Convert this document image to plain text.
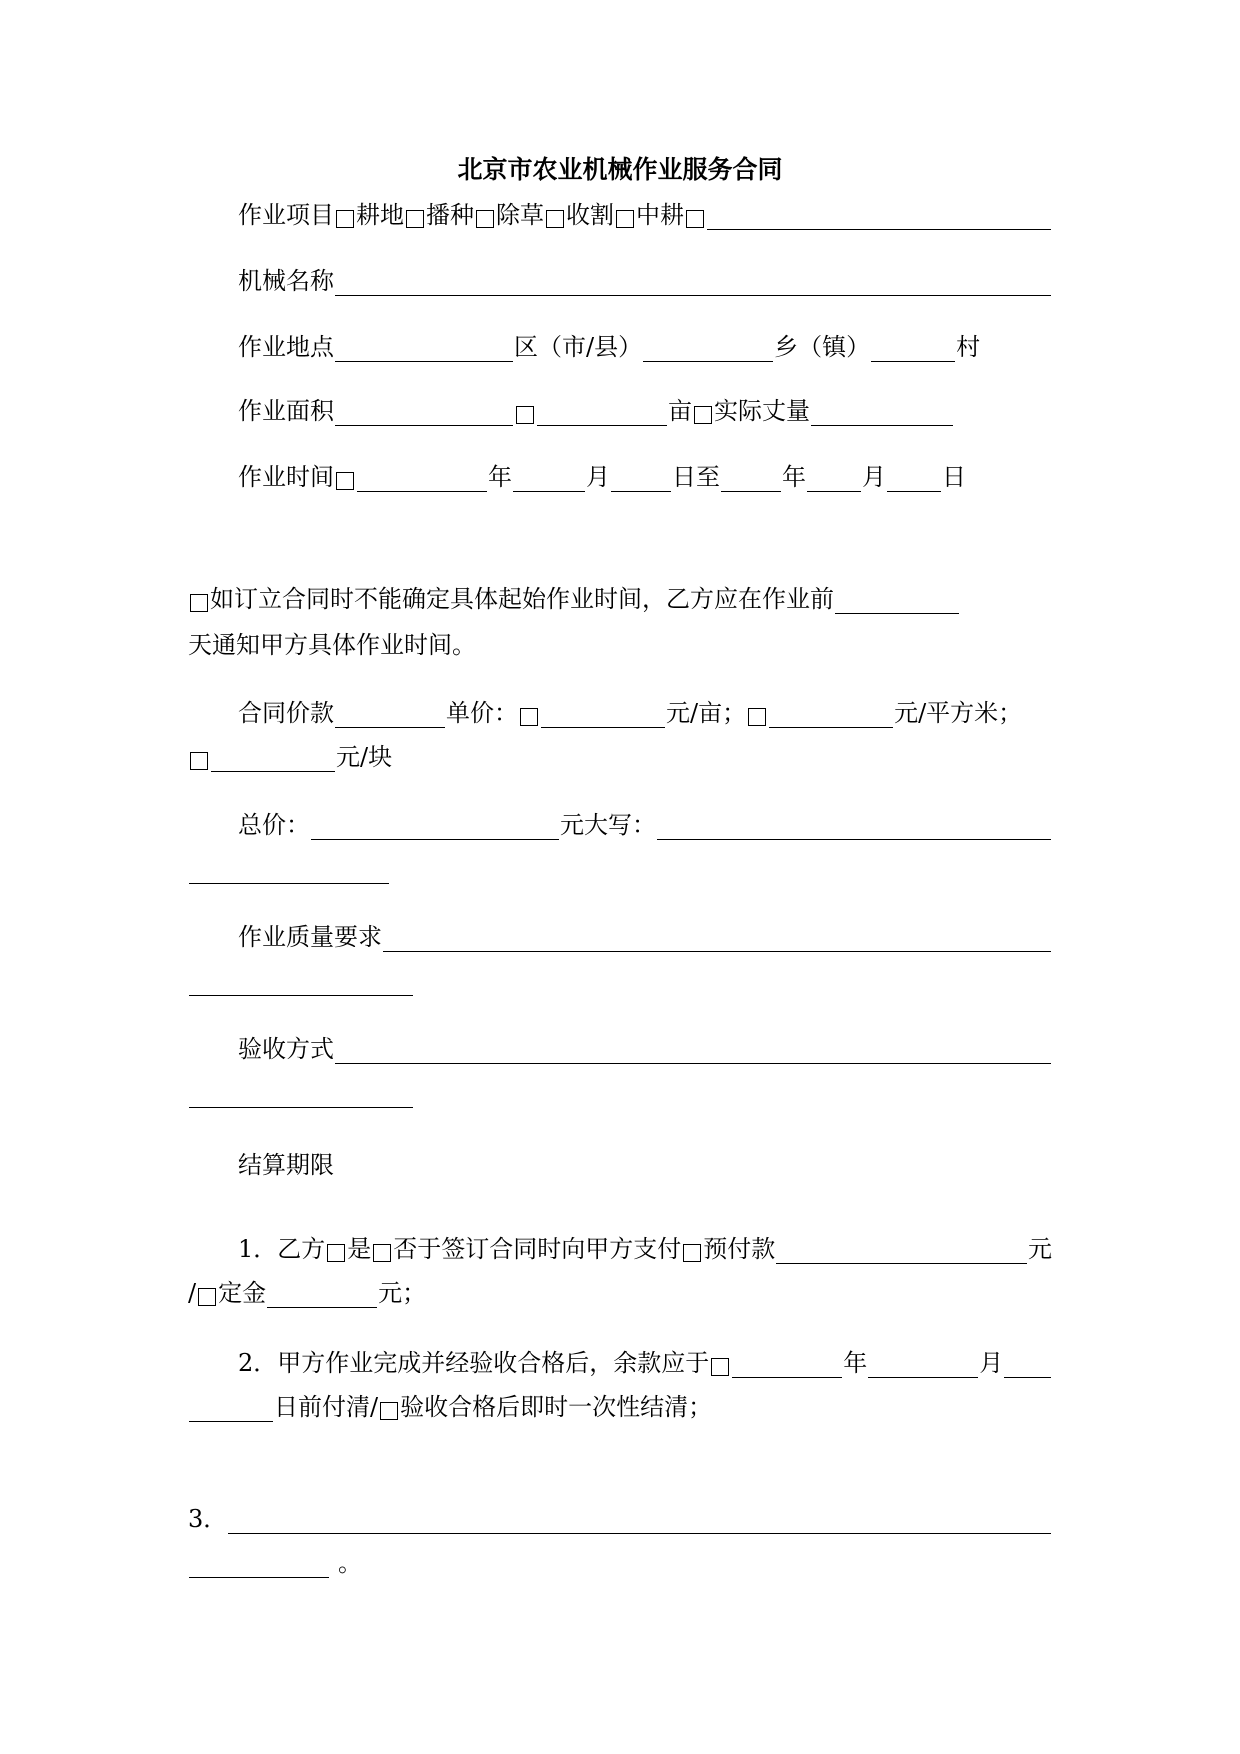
北京市农业机械作业服务合同
作业项目 耕地 播种 除草 收割 中耕
机械名称
作业地点	区（市/县）	乡（镇）	村
作业面积	亩 实际丈量
作业时间	年	月	日至	年 月 日
如订立合同时不能确定具体起始作业时间，乙方应在作业前
天通知甲方具体作业时间。
合同价款	单价：	元/亩；	元/平方米；
元/块
总价：	元大写：
作业质量要求
验收方式
结算期限
1．乙方 是 否于签订合同时向甲方支付 预付款	元
/ 定金	元；
2．甲方作业完成并经验收合格后，余款应于	年	月
日前付清/ 验收合格后即时一次性结清；
3．
。
